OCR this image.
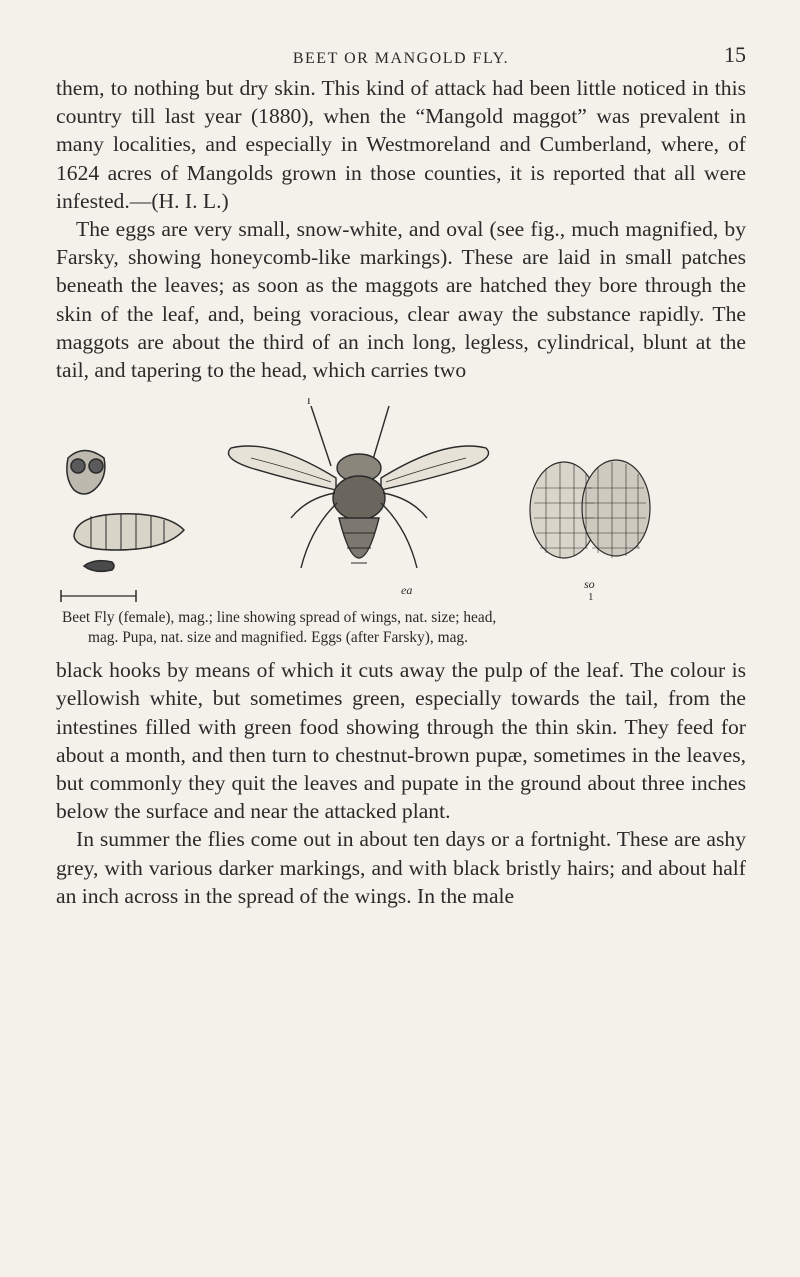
BEET OR MANGOLD FLY.	15

them, to nothing but dry skin. This kind of attack had been little noticed in this country till last year (1880), when the “Mangold maggot” was prevalent in many localities, and especially in Westmoreland and Cumberland, where, of 1624 acres of Mangolds grown in those counties, it is reported that all were infested.—(H. I. L.)

The eggs are very small, snow-white, and oval (see fig., much magnified, by Farsky, showing honeycomb-like markings). These are laid in small patches beneath the leaves; as soon as the maggots are hatched they bore through the skin of the leaf, and, being voracious, clear away the substance rapidly. The maggots are about the third of an inch long, legless, cylindrical, blunt at the tail, and tapering to the head, which carries two

l
ea
	so
1
Beet Fly (female), mag.; line showing spread of wings, nat. size; head,
mag. Pupa, nat. size and magnified. Eggs (after Farsky), mag.

black hooks by means of which it cuts away the pulp of the leaf. The colour is yellowish white, but sometimes green, especially towards the tail, from the intestines filled with green food showing through the thin skin. They feed for about a month, and then turn to chestnut-brown pupæ, sometimes in the leaves, but commonly they quit the leaves and pupate in the ground about three inches below the surface and near the attacked plant.

In summer the flies come out in about ten days or a fortnight. These are ashy grey, with various darker markings, and with black bristly hairs; and about half an inch across in the spread of the wings. In the male
